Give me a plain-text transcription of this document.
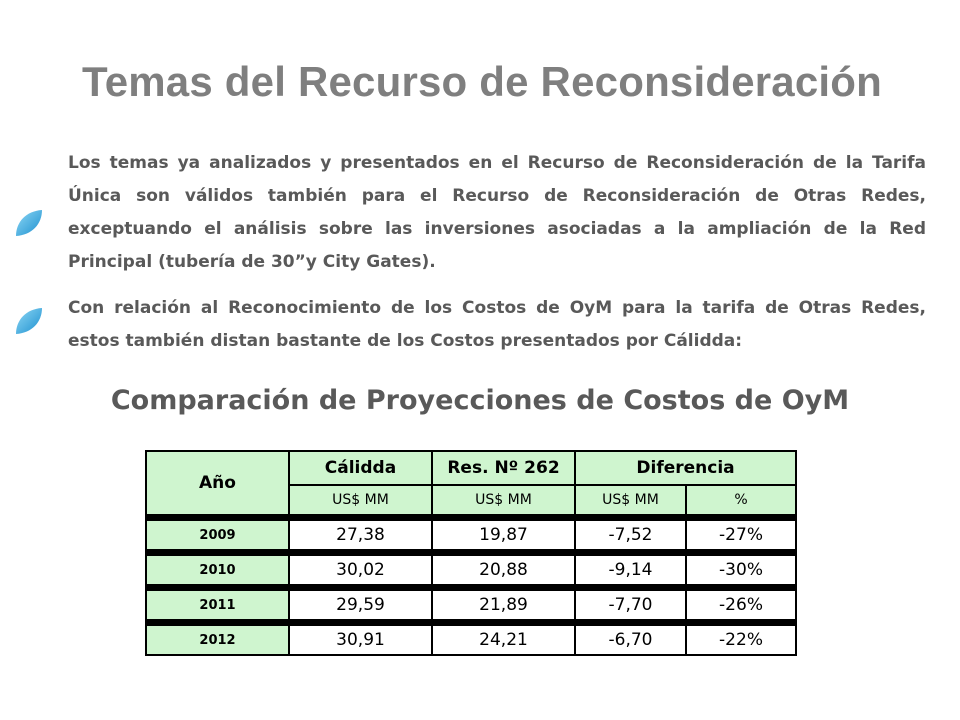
Temas del Recurso de Reconsideración
Los temas ya analizados y presentados en el Recurso de Reconsideración de la Tarifa Única son válidos también para el Recurso de Reconsideración de Otras Redes, exceptuando el análisis sobre las inversiones asociadas a la ampliación de la Red Principal (tubería de 30”y City Gates).
Con relación al Reconocimiento de los Costos de OyM para la tarifa de Otras Redes, estos también distan bastante de los Costos presentados por Cálidda:
Comparación de Proyecciones de Costos de OyM
Año	Cálidda	Res. Nº 262	Diferencia	
	US$ MM	US$ MM	US$ MM	%

2009	27,38	19,87	-7,52	-27%

2010	30,02	20,88	-9,14	-30%

2011	29,59	21,89	-7,70	-26%

2012	30,91	24,21	-6,70	-22%
